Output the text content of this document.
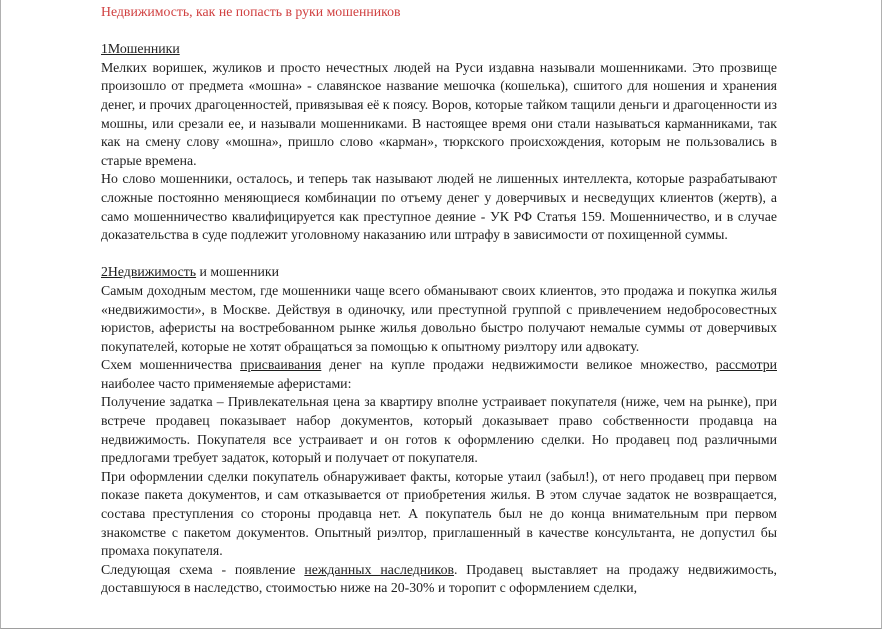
Недвижимость, как не попасть в руки мошенников

1Мошенники

Мелких воришек, жуликов и просто нечестных людей на Руси издавна называли мошенниками. Это прозвище произошло от предмета «мошна» - славянское название мешочка (кошелька), сшитого для ношения и хранения денег, и прочих драгоценностей, привязывая её к поясу. Воров, которые тайком тащили деньги и драгоценности из мошны, или срезали ее, и называли мошенниками. В настоящее время они стали называться карманниками, так как на смену слову «мошна», пришло слово «карман», тюркского происхождения, которым не пользовались в старые времена.

Но слово мошенники, осталось, и теперь так называют людей не лишенных интеллекта, которые разрабатывают сложные постоянно меняющиеся комбинации по отъему денег у доверчивых и несведущих клиентов (жертв), а само мошенничество квалифицируется как преступное деяние - УК РФ Статья 159. Мошенничество, и в случае доказательства в суде подлежит уголовному наказанию или штрафу в зависимости от похищенной суммы.

2Недвижимость и мошенники

Самым доходным местом, где мошенники чаще всего обманывают своих клиентов, это продажа и покупка жилья «недвижимости», в Москве. Действуя в одиночку, или преступной группой с привлечением недобросовестных юристов, аферисты на востребованном рынке жилья довольно быстро получают немалые суммы от доверчивых покупателей, которые не хотят обращаться за помощью к опытному риэлтору или адвокату.

Схем мошенничества присваивания денег на купле продажи недвижимости великое множество, рассмотри наиболее часто применяемые аферистами:

Получение задатка – Привлекательная цена за квартиру вполне устраивает покупателя (ниже, чем на рынке), при встрече продавец показывает набор документов, который доказывает право собственности продавца на недвижимость. Покупателя все устраивает и он готов к оформлению сделки. Но продавец под различными предлогами требует задаток, который и получает от покупателя.

При оформлении сделки покупатель обнаруживает факты, которые утаил (забыл!), от него продавец при первом показе пакета документов, и сам отказывается от приобретения жилья. В этом случае задаток не возвращается, состава преступления со стороны продавца нет. А покупатель был не до конца внимательным при первом знакомстве с пакетом документов. Опытный риэлтор, приглашенный в качестве консультанта, не допустил бы промаха покупателя.

Следующая схема - появление нежданных наследников. Продавец выставляет на продажу недвижимость, доставшуюся в наследство, стоимостью ниже на 20-30% и торопит с оформлением сделки,
